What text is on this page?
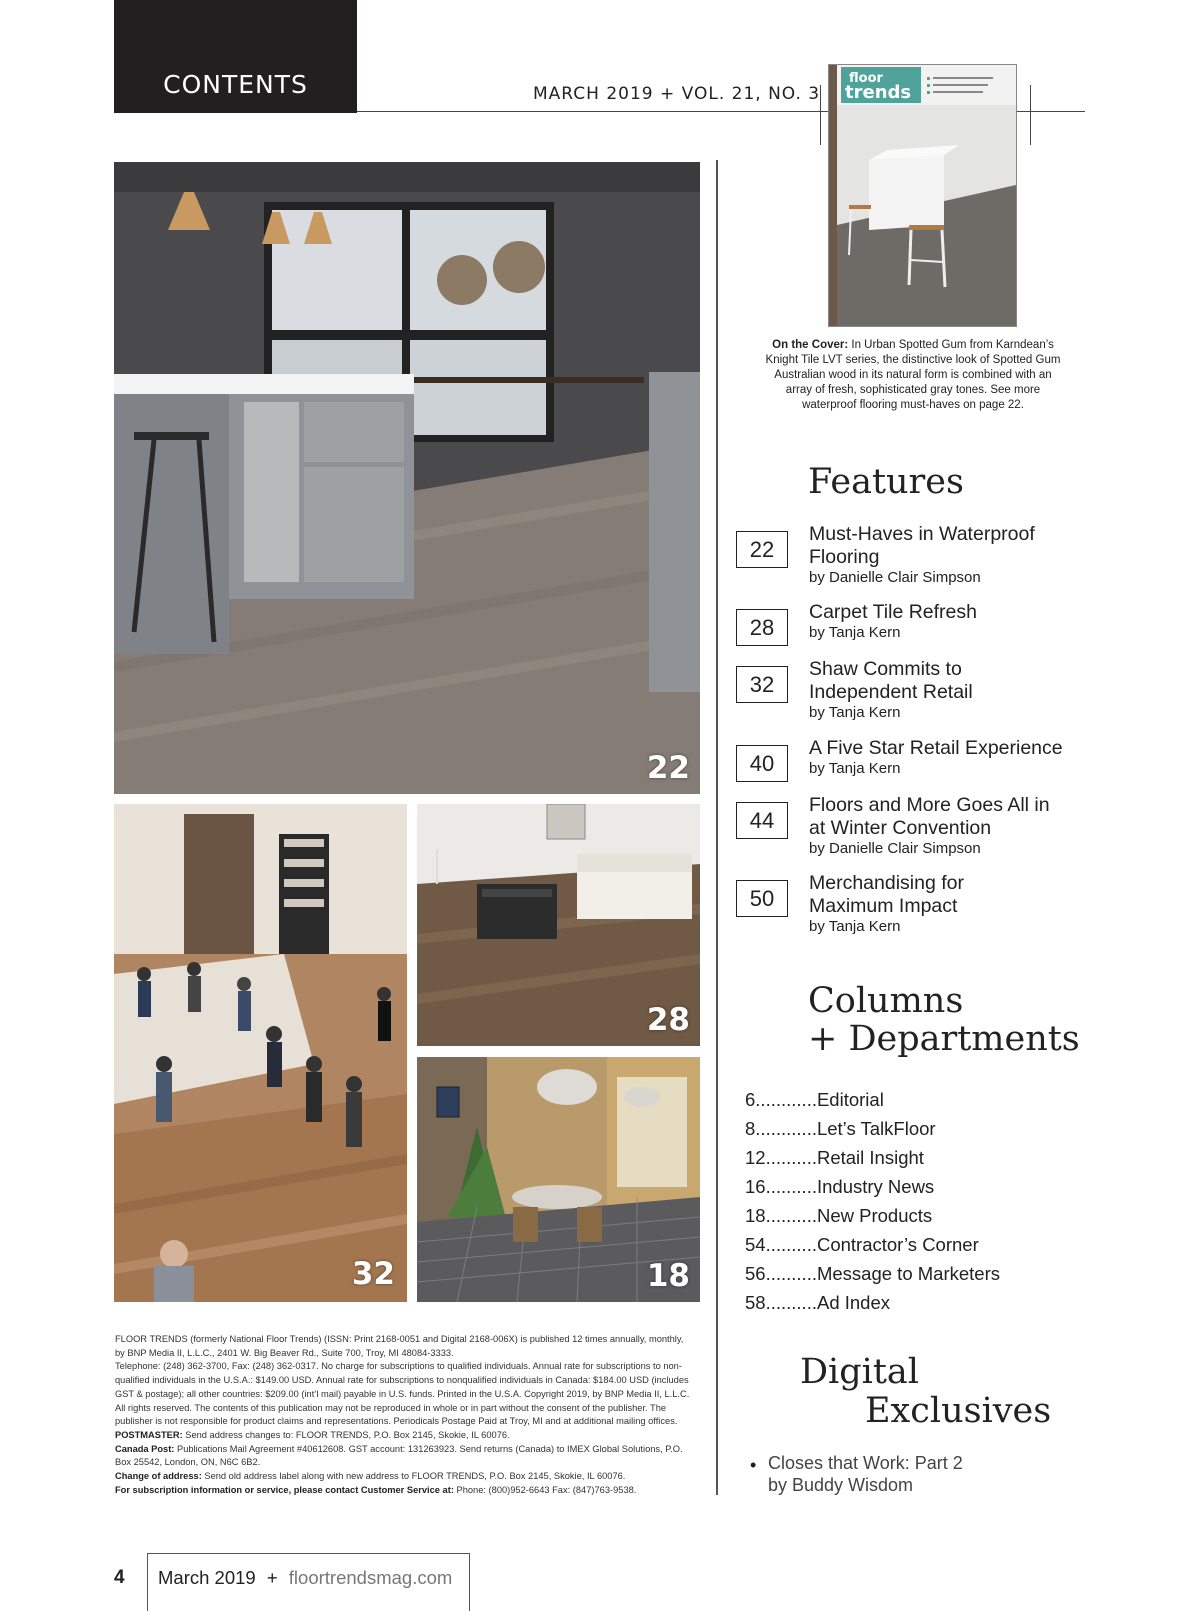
CONTENTS	MARCH 2019 + VOL. 21, NO. 3
floor
trends
On the Cover: In Urban Spotted Gum from Karndean’s Knight Tile LVT series, the distinctive look of Spotted Gum Australian wood in its natural form is combined with an array of fresh, sophisticated gray tones. See more waterproof flooring must-haves on page 22.
22
32
28
18
Features
22
Must-Haves in Waterproof Flooring
by Danielle Clair Simpson
28
Carpet Tile Refresh
by Tanja Kern
32
Shaw Commits to Independent Retail
by Tanja Kern
40
A Five Star Retail Experience
by Tanja Kern
44
Floors and More Goes All in at Winter Convention
by Danielle Clair Simpson
50
Merchandising for Maximum Impact
by Tanja Kern
Columns
+ Departments
6............Editorial
8............Let’s TalkFloor
12..........Retail Insight
16..........Industry News
18..........New Products
54..........Contractor’s Corner
56..........Message to Marketers
58..........Ad Index
Digital
Exclusives
• Closes that Work: Part 2
by Buddy Wisdom
FLOOR TRENDS (formerly National Floor Trends) (ISSN: Print 2168-0051 and Digital 2168-006X) is published 12 times annually, monthly, by BNP Media II, L.L.C., 2401 W. Big Beaver Rd., Suite 700, Troy, MI 48084-3333.
Telephone: (248) 362-3700, Fax: (248) 362-0317. No charge for subscriptions to qualified individuals. Annual rate for subscriptions to non-qualified individuals in the U.S.A.: $149.00 USD. Annual rate for subscriptions to nonqualified individuals in Canada: $184.00 USD (includes GST & postage); all other countries: $209.00 (int’l mail) payable in U.S. funds. Printed in the U.S.A. Copyright 2019, by BNP Media II, L.L.C. All rights reserved. The contents of this publication may not be reproduced in whole or in part without the consent of the publisher. The publisher is not responsible for product claims and representations. Periodicals Postage Paid at Troy, MI and at additional mailing offices.
POSTMASTER: Send address changes to: FLOOR TRENDS, P.O. Box 2145, Skokie, IL 60076.
Canada Post: Publications Mail Agreement #40612608. GST account: 131263923. Send returns (Canada) to IMEX Global Solutions, P.O. Box 25542, London, ON, N6C 6B2.
Change of address: Send old address label along with new address to FLOOR TRENDS, P.O. Box 2145, Skokie, IL 60076.
For subscription information or service, please contact Customer Service at: Phone: (800)952-6643 Fax: (847)763-9538.
4 March 2019 + floortrendsmag.com
